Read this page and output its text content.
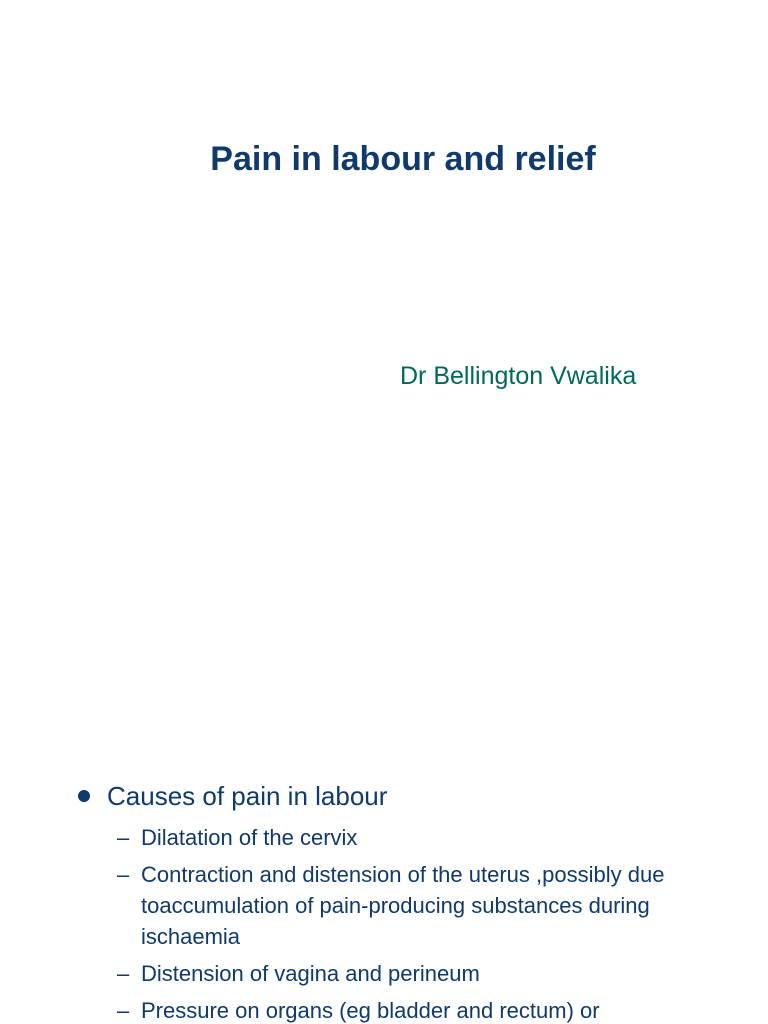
Pain in labour and relief
Dr Bellington Vwalika
Causes of pain in labour
– Dilatation of the cervix
– Contraction and distension of the uterus ,possibly due toaccumulation of pain-producing substances during ischaemia
– Distension of vagina and perineum
– Pressure on organs (eg bladder and rectum) or
